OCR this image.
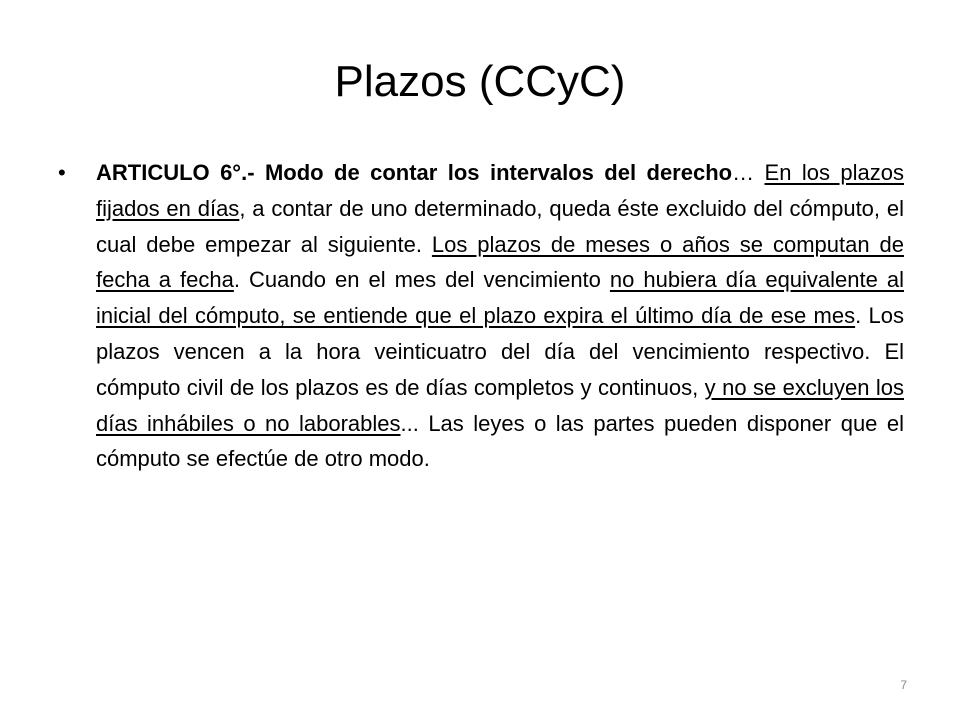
Plazos (CCyC)
• ARTICULO 6°.- Modo de contar los intervalos del derecho… En los plazos fijados en días, a contar de uno determinado, queda éste excluido del cómputo, el cual debe empezar al siguiente. Los plazos de meses o años se computan de fecha a fecha. Cuando en el mes del vencimiento no hubiera día equivalente al inicial del cómputo, se entiende que el plazo expira el último día de ese mes. Los plazos vencen a la hora veinticuatro del día del vencimiento respectivo. El cómputo civil de los plazos es de días completos y continuos, y no se excluyen los días inhábiles o no laborables... Las leyes o las partes pueden disponer que el cómputo se efectúe de otro modo.

7
